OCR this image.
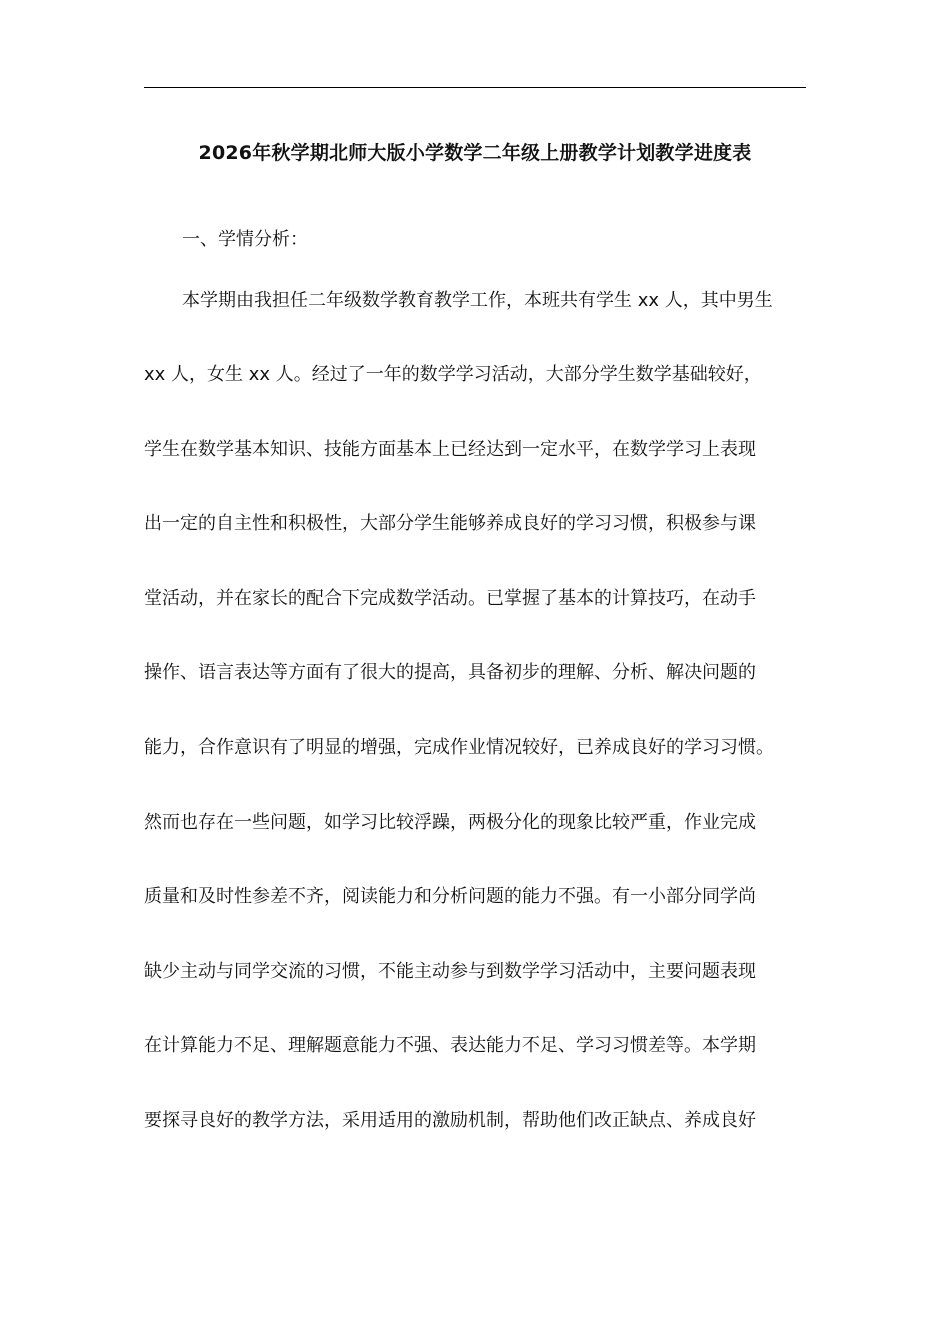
2026年秋学期北师大版小学数学二年级上册教学计划教学进度表
一、学情分析：
本学期由我担任二年级数学教育教学工作，本班共有学生 xx 人，其中男生
xx 人，女生 xx 人。经过了一年的数学学习活动，大部分学生数学基础较好，
学生在数学基本知识、技能方面基本上已经达到一定水平，在数学学习上表现
出一定的自主性和积极性，大部分学生能够养成良好的学习习惯，积极参与课
堂活动，并在家长的配合下完成数学活动。已掌握了基本的计算技巧，在动手
操作、语言表达等方面有了很大的提高，具备初步的理解、分析、解决问题的
能力，合作意识有了明显的增强，完成作业情况较好，已养成良好的学习习惯。
然而也存在一些问题，如学习比较浮躁，两极分化的现象比较严重，作业完成
质量和及时性参差不齐，阅读能力和分析问题的能力不强。有一小部分同学尚
缺少主动与同学交流的习惯，不能主动参与到数学学习活动中，主要问题表现
在计算能力不足、理解题意能力不强、表达能力不足、学习习惯差等。本学期
要探寻良好的教学方法，采用适用的激励机制，帮助他们改正缺点、养成良好
